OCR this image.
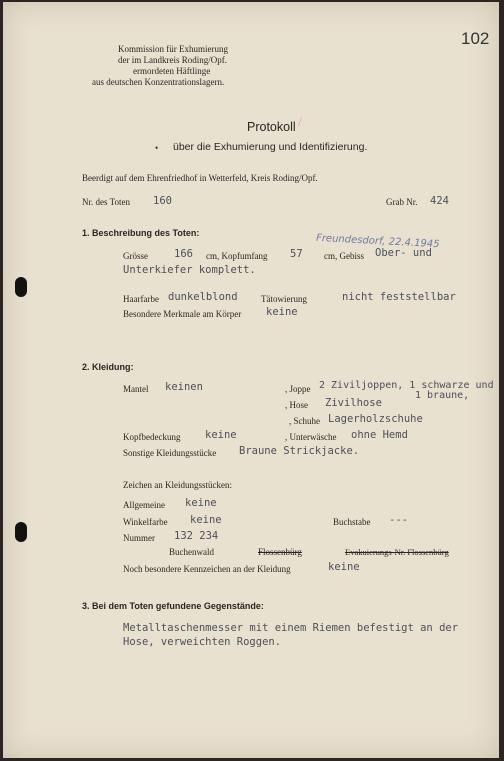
102
Kommission für Exhumierung
der im Landkreis Roding/Opf.
ermordeten Häftlinge
aus deutschen Konzentrationslagern.
Protokoll /
über die Exhumierung und Identifizierung.
•
Beerdigt auf dem Ehrenfriedhof in Wetterfeld, Kreis Roding/Opf.
Nr. des Toten 160	Grab Nr. 424
1. Beschreibung des Toten:	Freundesdorf, 22.4.1945
Grösse 166 cm, Kopfumfang 57 cm, Gebiss Ober- und
Unterkiefer komplett.
Haarfarbe dunkelblond	Tätowierung	nicht feststellbar
Besondere Merkmale am Körper keine
2. Kleidung:
Mantel keinen	, Joppe 2 Ziviljoppen, 1 schwarze und
1 braune,
, Hose Zivilhose
, Schuhe Lagerholzschuhe
Kopfbedeckung keine	, Unterwäsche ohne Hemd
Sonstige Kleidungsstücke Braune Strickjacke.
Zeichen an Kleidungsstücken:
Allgemeine keine
Winkelfarbe keine	Buchstabe ---
Nummer 132 234
Buchenwald	Flossenbürg	Evakuierungs-Nr. Flossenbürg
Noch besondere Kennzeichen an der Kleidung	keine
3. Bei dem Toten gefundene Gegenstände:
Metalltaschenmesser mit einem Riemen befestigt an der
Hose, verweichten Roggen.
